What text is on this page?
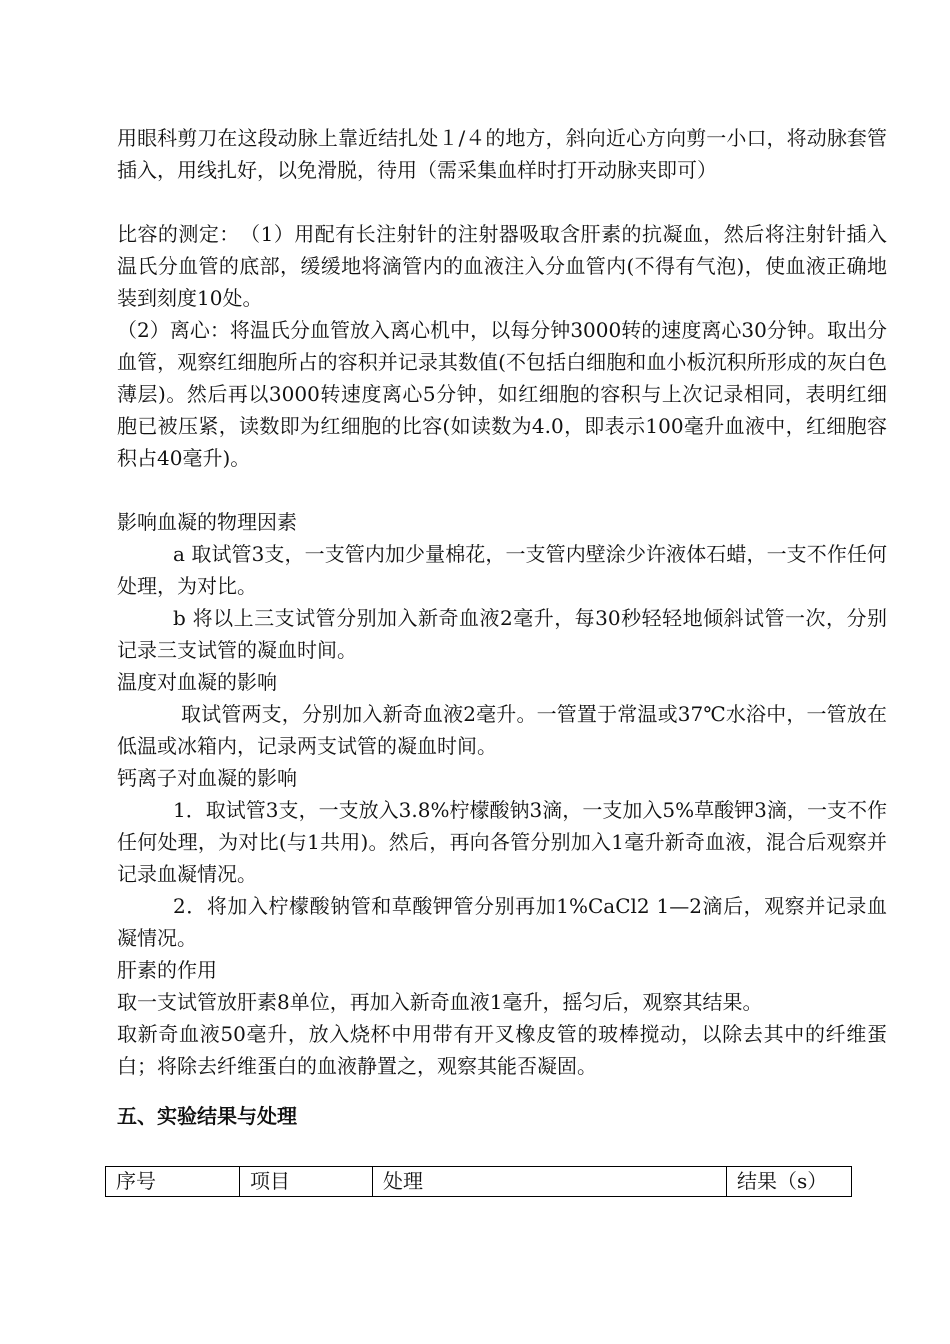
用眼科剪刀在这段动脉上靠近结扎处１/４的地方，斜向近心方向剪一小口，将动脉套管插入，用线扎好，以免滑脱，待用（需采集血样时打开动脉夹即可）

比容的测定：　（1）用配有长注射针的注射器吸取含肝素的抗凝血，然后将注射针插入温氏分血管的底部，缓缓地将滴管内的血液注入分血管内(不得有气泡)，使血液正确地装到刻度10处。

（2）离心：将温氏分血管放入离心机中，以每分钟3000转的速度离心30分钟。取出分血管，观察红细胞所占的容积并记录其数值(不包括白细胞和血小板沉积所形成的灰白色薄层)。然后再以3000转速度离心5分钟，如红细胞的容积与上次记录相同，表明红细胞已被压紧，读数即为红细胞的比容(如读数为4.0，即表示100毫升血液中，红细胞容积占40毫升)。

影响血凝的物理因素

a 取试管3支，一支管内加少量棉花，一支管内壁涂少许液体石蜡，一支不作任何处理，为对比。

b 将以上三支试管分别加入新奇血液2毫升，每30秒轻轻地倾斜试管一次，分别记录三支试管的凝血时间。

温度对血凝的影响

取试管两支，分别加入新奇血液2毫升。一管置于常温或37℃水浴中，一管放在低温或冰箱内，记录两支试管的凝血时间。

钙离子对血凝的影响

1．取试管3支，一支放入3.8%柠檬酸钠3滴，一支加入5%草酸钾3滴，一支不作任何处理，为对比(与1共用)。然后，再向各管分别加入1毫升新奇血液，混合后观察并记录血凝情况。

2．将加入柠檬酸钠管和草酸钾管分别再加1%CaCl2 1—2滴后，观察并记录血凝情况。

肝素的作用

取一支试管放肝素8单位，再加入新奇血液1毫升，摇匀后，观察其结果。

取新奇血液50毫升，放入烧杯中用带有开叉橡皮管的玻棒搅动，以除去其中的纤维蛋白；将除去纤维蛋白的血液静置之，观察其能否凝固。

五、实验结果与处理

序号	项目	处理	结果（s）
